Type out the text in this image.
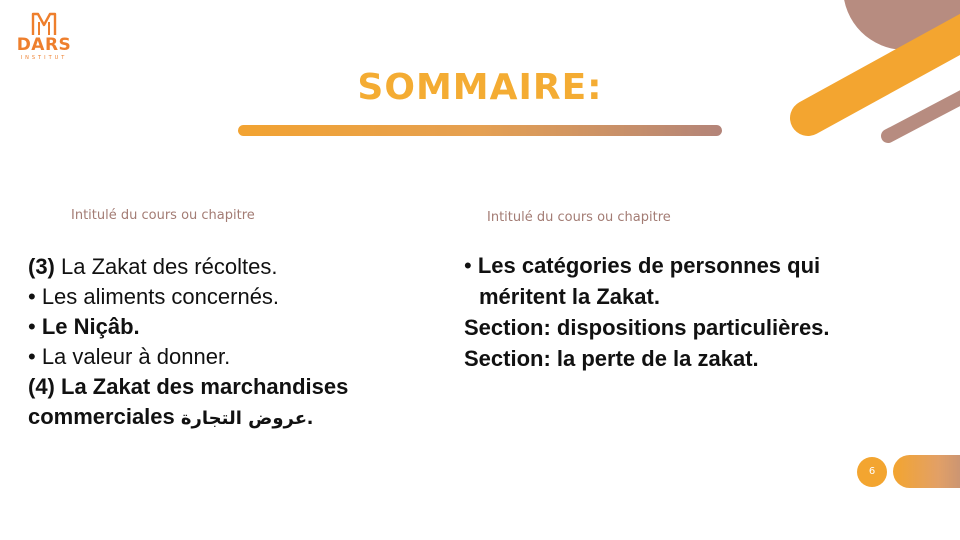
DARS
INSTITUT
SOMMAIRE:
Intitulé du cours ou chapitre	Intitulé du cours ou chapitre
(3) La Zakat des récoltes.
• Les aliments concernés.
• Le Niçâb.
• La valeur à donner.
(4) La Zakat des marchandises
commerciales عروض التجارة.
• Les catégories de personnes qui
méritent la Zakat.
Section: dispositions particulières.
Section: la perte de la zakat.
6
